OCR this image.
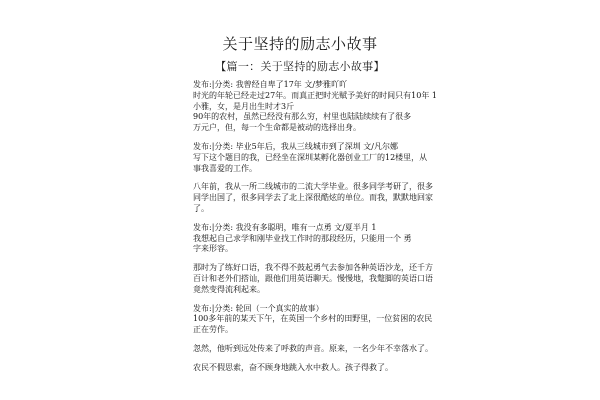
关于坚持的励志小故事
【篇一：关于坚持的励志小故事】
发布:|分类: 我曾经自卑了17年 文/梦雅吖吖
时光的年轮已经走过27年。而真正把时光赋予美好的时间只有10年 1
小雅，女，是月出生时才3斤
90年的农村，虽然已经没有那么穷，村里也陆陆续续有了很多
万元户，但，每一个生命都是被动的选择出身。
发布:|分类: 毕业5年后，我从三线城市到了深圳 文/凡尔娜
写下这个题目的我，已经坐在深圳某孵化器创业工厂的12楼里，从
事我喜爱的工作。
八年前，我从一所二线城市的二流大学毕业。很多同学考研了，很多
同学出国了，很多同学去了北上深很酷炫的单位。而我，默默地回家
了。
发布:|分类: 我没有多聪明，唯有一点勇 文/夏半月 1
我想起自己求学和刚毕业找工作时的那段经历，只能用一个 勇
字来形容。
那时为了练好口语，我不得不鼓起勇气去参加各种英语沙龙，还千方
百计和老外们搭讪，跟他们用英语聊天。慢慢地，我蹩脚的英语口语
竟然变得流利起来。
发布:|分类: 轮回（一个真实的故事）
100多年前的某天下午，在英国一个乡村的田野里，一位贫困的农民
正在劳作。
忽然，他听到远处传来了呼救的声音。原来，一名少年不幸落水了。
农民不假思索，奋不顾身地跳入水中救人。孩子得救了。
